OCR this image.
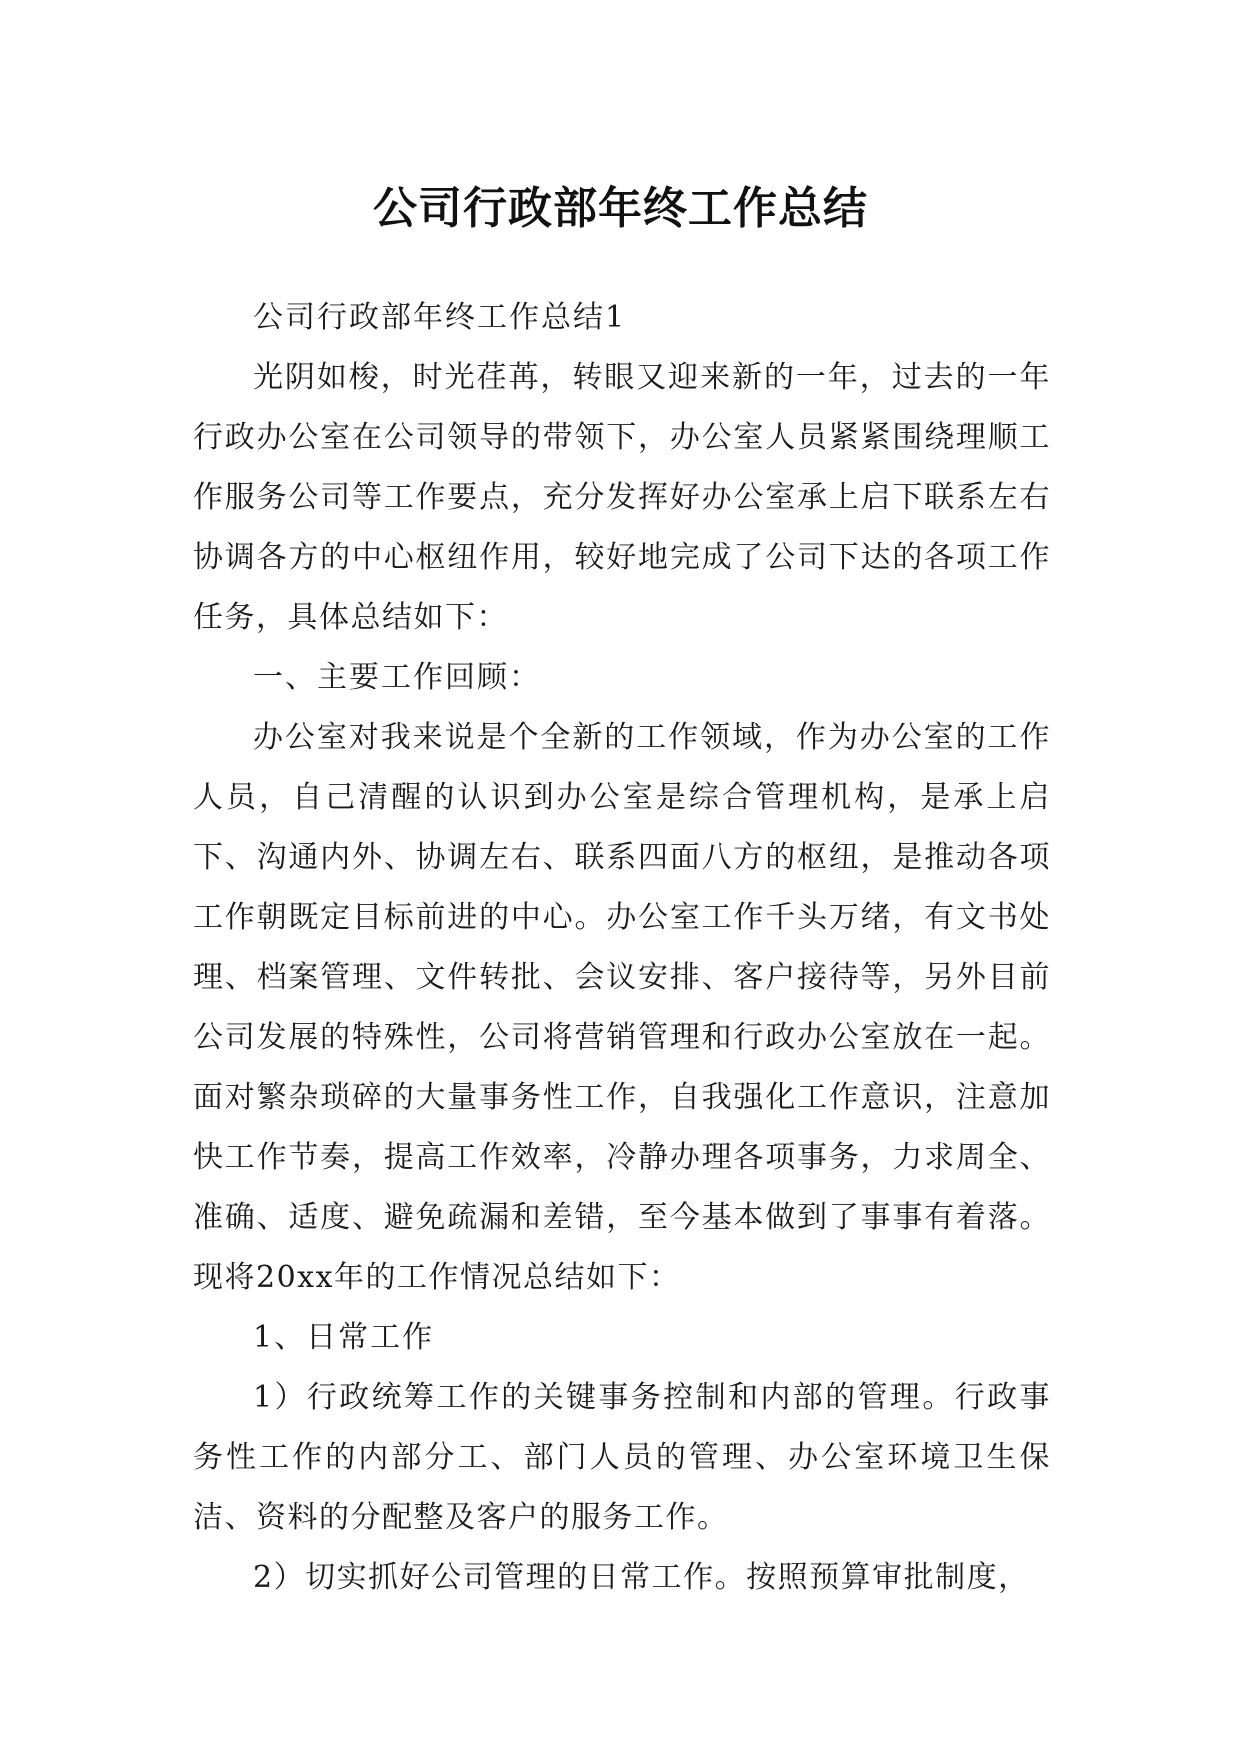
公司行政部年终工作总结

公司行政部年终工作总结1

光阴如梭，时光荏苒，转眼又迎来新的一年，过去的一年行政办公室在公司领导的带领下，办公室人员紧紧围绕理顺工作服务公司等工作要点，充分发挥好办公室承上启下联系左右协调各方的中心枢纽作用，较好地完成了公司下达的各项工作任务，具体总结如下：

一、主要工作回顾：

办公室对我来说是个全新的工作领域，作为办公室的工作人员，自己清醒的认识到办公室是综合管理机构，是承上启下、沟通内外、协调左右、联系四面八方的枢纽，是推动各项工作朝既定目标前进的中心。办公室工作千头万绪，有文书处理、档案管理、文件转批、会议安排、客户接待等，另外目前公司发展的特殊性，公司将营销管理和行政办公室放在一起。面对繁杂琐碎的大量事务性工作，自我强化工作意识，注意加快工作节奏，提高工作效率，冷静办理各项事务，力求周全、准确、适度、避免疏漏和差错，至今基本做到了事事有着落。现将20xx年的工作情况总结如下：

1、日常工作

1）行政统筹工作的关键事务控制和内部的管理。行政事务性工作的内部分工、部门人员的管理、办公室环境卫生保洁、资料的分配整及客户的服务工作。

2）切实抓好公司管理的日常工作。按照预算审批制度，
